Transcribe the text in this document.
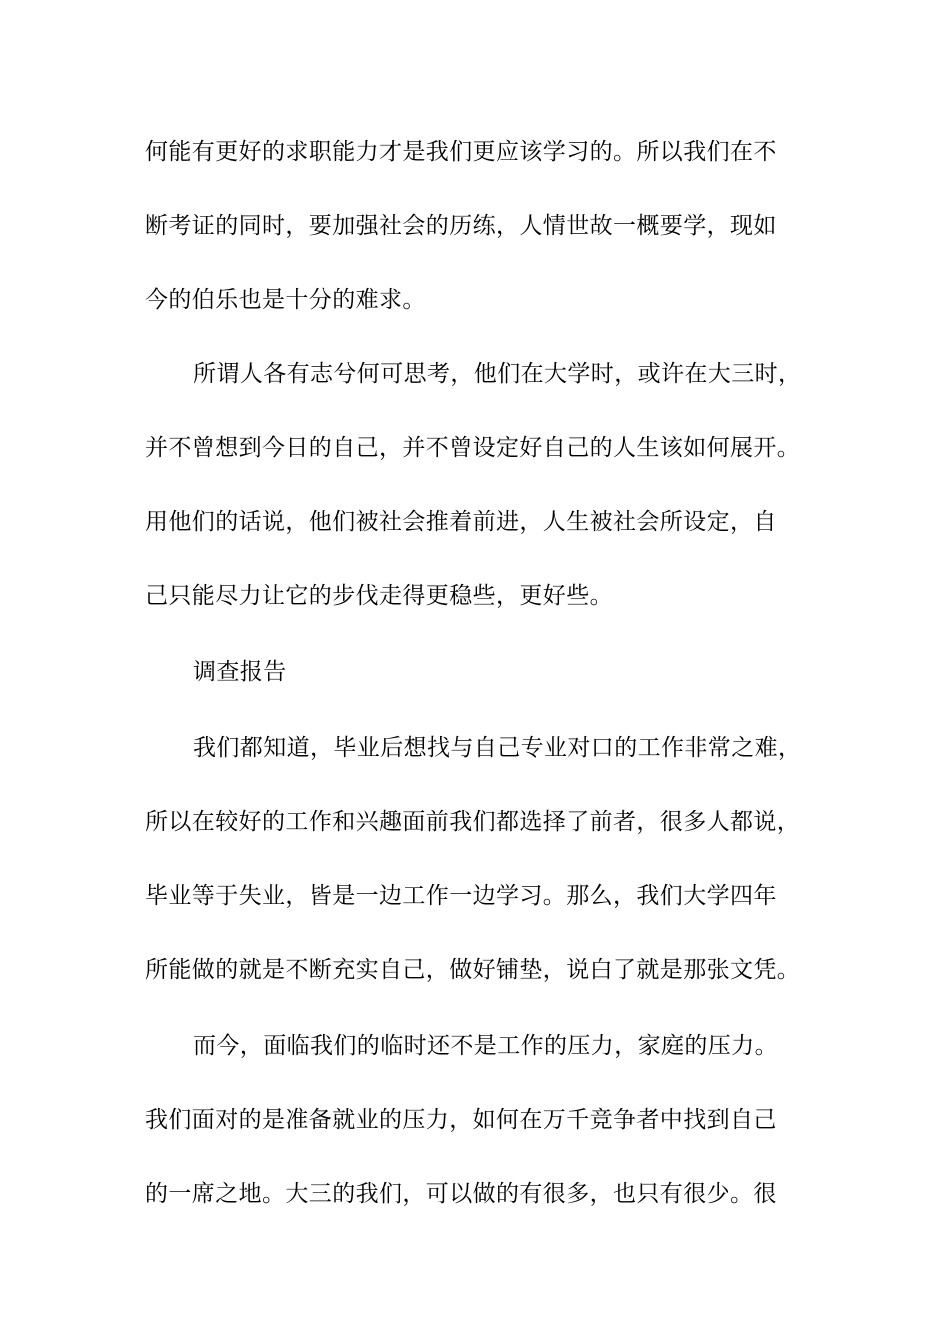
何能有更好的求职能力才是我们更应该学习的。所以我们在不
断考证的同时，要加强社会的历练，人情世故一概要学，现如
今的伯乐也是十分的难求。
所谓人各有志兮何可思考，他们在大学时，或许在大三时，
并不曾想到今日的自己，并不曾设定好自己的人生该如何展开。
用他们的话说，他们被社会推着前进，人生被社会所设定，自
己只能尽力让它的步伐走得更稳些，更好些。
调查报告
我们都知道，毕业后想找与自己专业对口的工作非常之难，
所以在较好的工作和兴趣面前我们都选择了前者，很多人都说，
毕业等于失业，皆是一边工作一边学习。那么，我们大学四年
所能做的就是不断充实自己，做好铺垫，说白了就是那张文凭。
而今，面临我们的临时还不是工作的压力，家庭的压力。
我们面对的是准备就业的压力，如何在万千竞争者中找到自己
的一席之地。大三的我们，可以做的有很多，也只有很少。很
